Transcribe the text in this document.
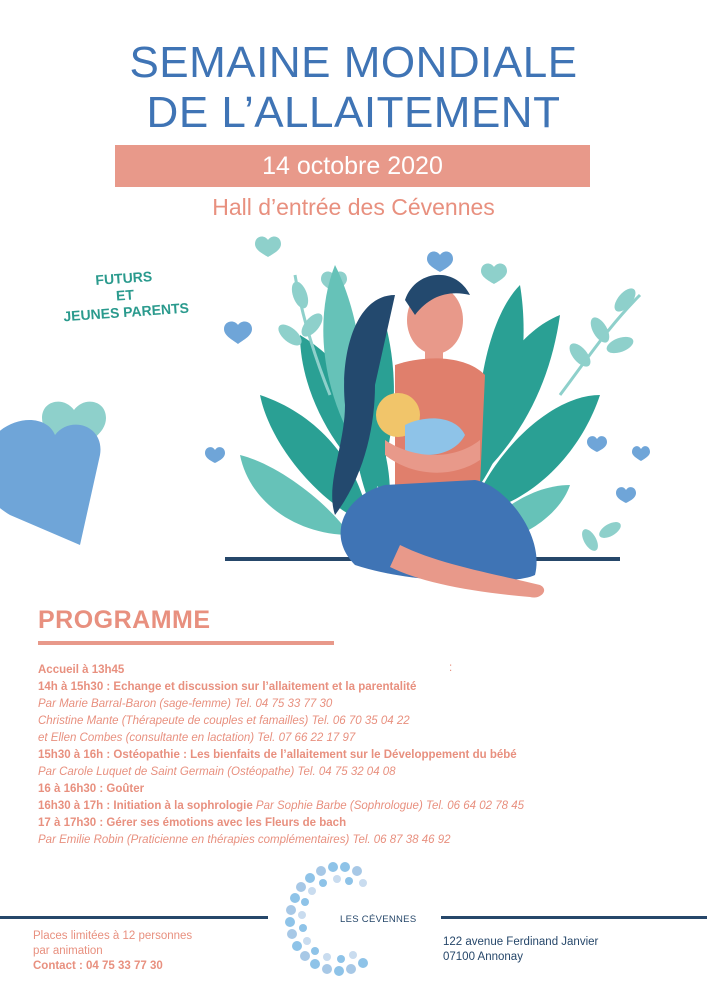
SEMAINE MONDIALE
DE L’ALLAITEMENT
14 octobre 2020
Hall d’entrée des Cévennes
FUTURS
ET
JEUNES PARENTS
PROGRAMME
:
Accueil à 13h45
14h à 15h30 : Echange et discussion sur l’allaitement et la parentalité
Par Marie Barral-Baron (sage-femme) Tel. 04 75 33 77 30
Christine Mante (Thérapeute de couples et famailles) Tel. 06 70 35 04 22
et Ellen Combes (consultante en lactation) Tel. 07 66 22 17 97
15h30 à 16h : Ostéopathie : Les bienfaits de l’allaitement sur le Développement du bébé
Par Carole Luquet de Saint Germain (Ostéopathe) Tel. 04 75 32 04 08
16 à 16h30 : Goûter
16h30 à 17h : Initiation à la sophrologie Par Sophie Barbe (Sophrologue) Tel. 06 64 02 78 45
17 à 17h30 : Gérer ses émotions avec les Fleurs de bach
Par Emilie Robin (Praticienne en thérapies complémentaires) Tel. 06 87 38 46 92
LES CÉVENNES
Places limitées à 12 personnes
par animation
Contact : 04 75 33 77 30
122 avenue Ferdinand Janvier
07100 Annonay
